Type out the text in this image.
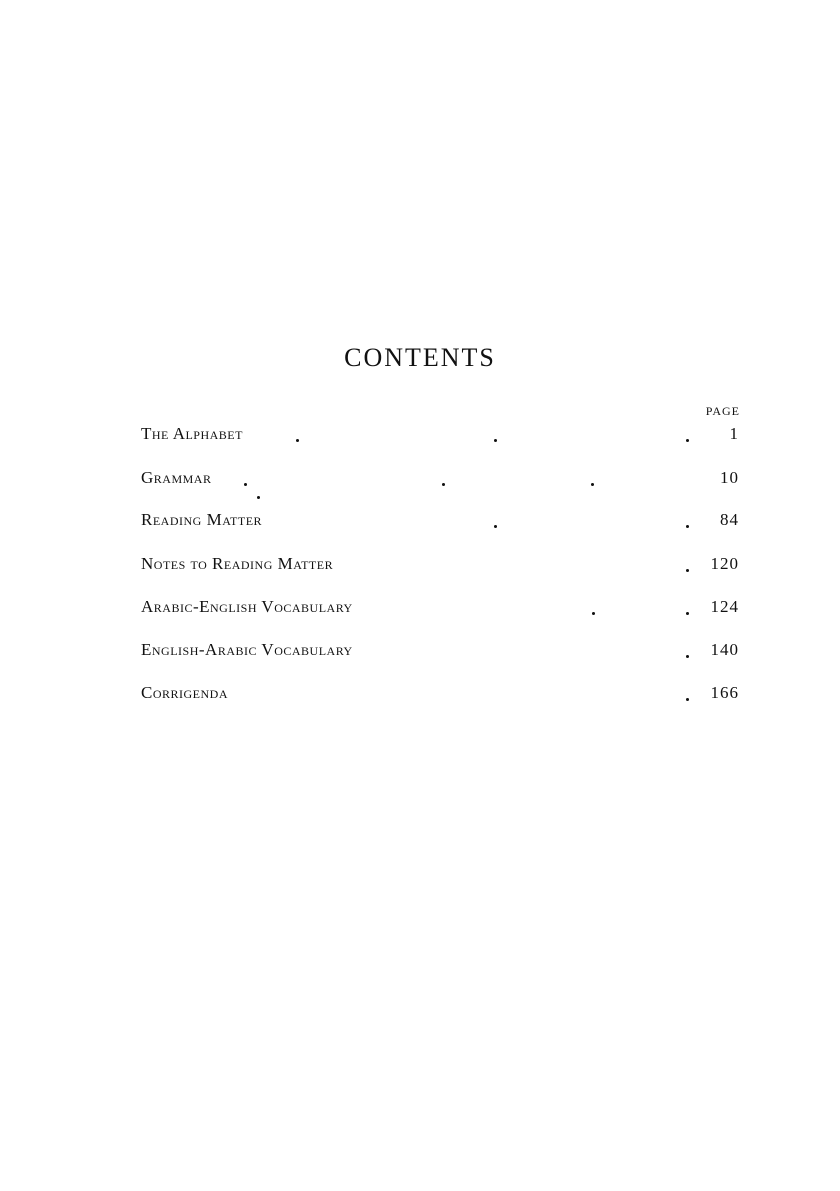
CONTENTS
PAGE
The Alphabet	1
Grammar	10
Reading Matter	84
Notes to Reading Matter	120
Arabic-English Vocabulary	124
English-Arabic Vocabulary	140
Corrigenda	166
